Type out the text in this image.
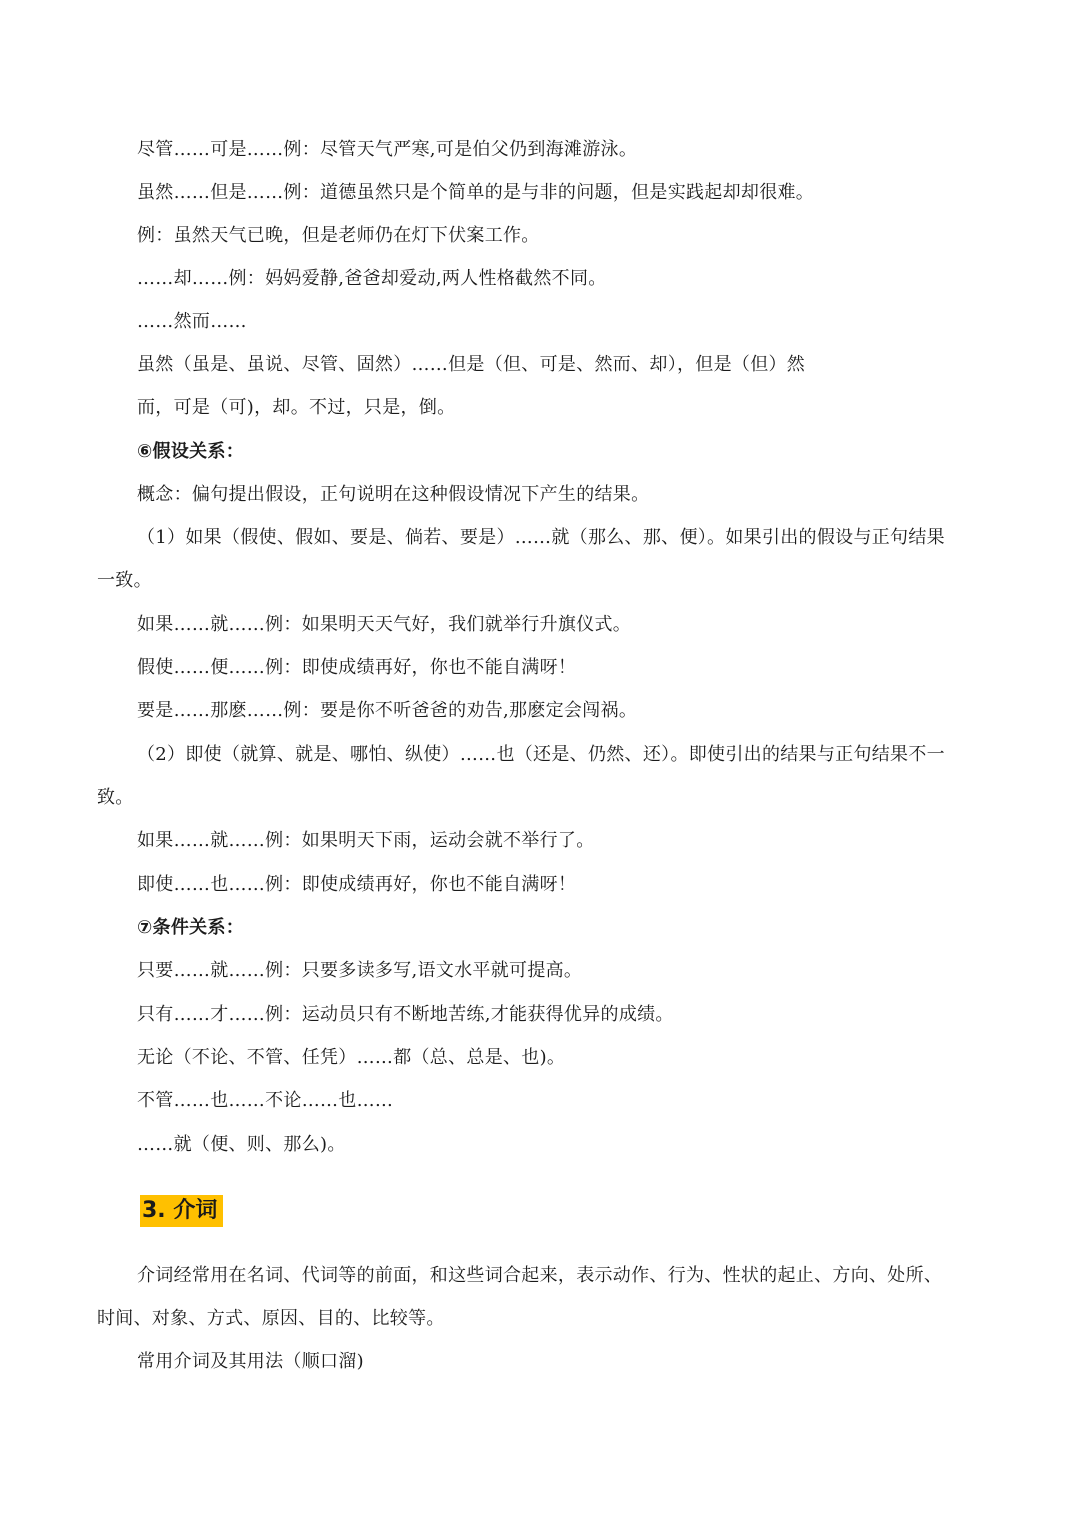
尽管……可是……例：尽管天气严寒,可是伯父仍到海滩游泳。
虽然……但是……例：道德虽然只是个简单的是与非的问题，但是实践起却却很难。
例：虽然天气已晚，但是老师仍在灯下伏案工作。
……却……例：妈妈爱静,爸爸却爱动,两人性格截然不同。
……然而……
虽然（虽是、虽说、尽管、固然）……但是（但、可是、然而、却），但是（但）然
而，可是（可)，却。不过，只是，倒。
⑥假设关系：
概念：偏句提出假设，正句说明在这种假设情况下产生的结果。
（1）如果（假使、假如、要是、倘若、要是）……就（那么、那、便）。如果引出的假设与正句结果
一致。
如果……就……例：如果明天天气好，我们就举行升旗仪式。
假使……便……例：即使成绩再好，你也不能自满呀！
要是……那麽……例：要是你不听爸爸的劝告,那麽定会闯祸。
（2）即使（就算、就是、哪怕、纵使）……也（还是、仍然、还）。即使引出的结果与正句结果不一
致。
如果……就……例：如果明天下雨，运动会就不举行了。
即使……也……例：即使成绩再好，你也不能自满呀！
⑦条件关系：
只要……就……例：只要多读多写,语文水平就可提高。
只有……才……例：运动员只有不断地苦练,才能获得优异的成绩。
无论（不论、不管、任凭）……都（总、总是、也)。
不管……也……不论……也……
……就（便、则、那么)。
3. 介词
介词经常用在名词、代词等的前面，和这些词合起来，表示动作、行为、性状的起止、方向、处所、
时间、对象、方式、原因、目的、比较等。
常用介词及其用法（顺口溜)
